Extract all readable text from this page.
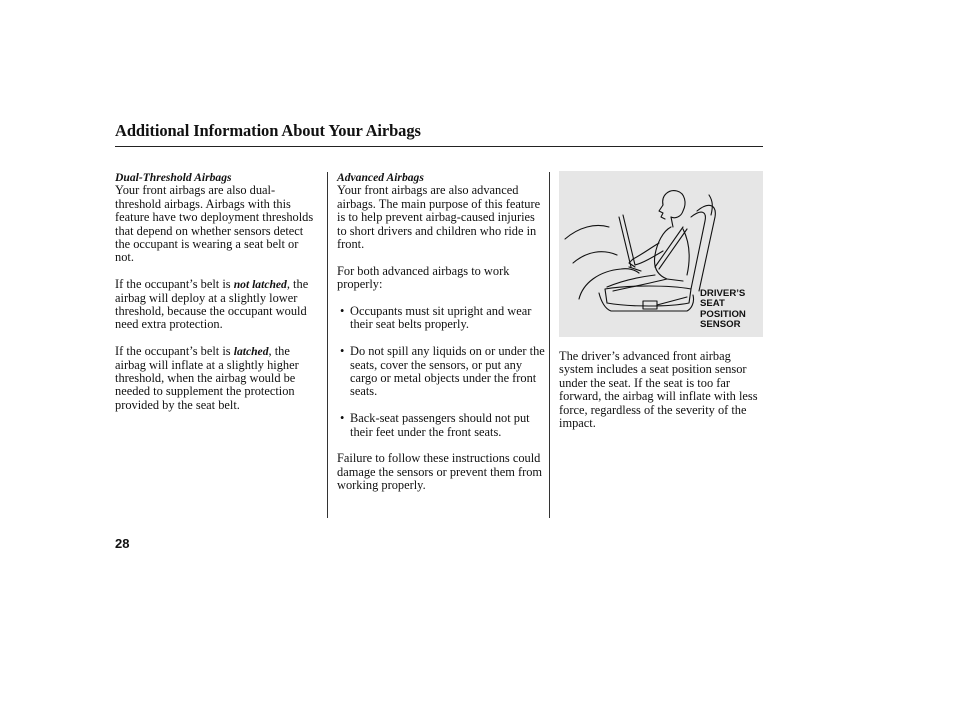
Additional Information About Your Airbags
Dual-Threshold Airbags

Your front airbags are also dual-threshold airbags. Airbags with this feature have two deployment thresholds that depend on whether sensors detect the occupant is wearing a seat belt or not.

If the occupant’s belt is not latched, the airbag will deploy at a slightly lower threshold, because the occupant would need extra protection.

If the occupant’s belt is latched, the airbag will inflate at a slightly higher threshold, when the airbag would be needed to supplement the protection provided by the seat belt.

Advanced Airbags

Your front airbags are also advanced airbags. The main purpose of this feature is to help prevent airbag-caused injuries to short drivers and children who ride in front.

For both advanced airbags to work properly:

• Occupants must sit upright and wear their seat belts properly.
• Do not spill any liquids on or under the seats, cover the sensors, or put any cargo or metal objects under the front seats.
• Back-seat passengers should not put their feet under the front seats.

Failure to follow these instructions could damage the sensors or prevent them from working properly.

DRIVER’S
SEAT
POSITION
SENSOR

The driver’s advanced front airbag system includes a seat position sensor under the seat. If the seat is too far forward, the airbag will inflate with less force, regardless of the severity of the impact.

28
